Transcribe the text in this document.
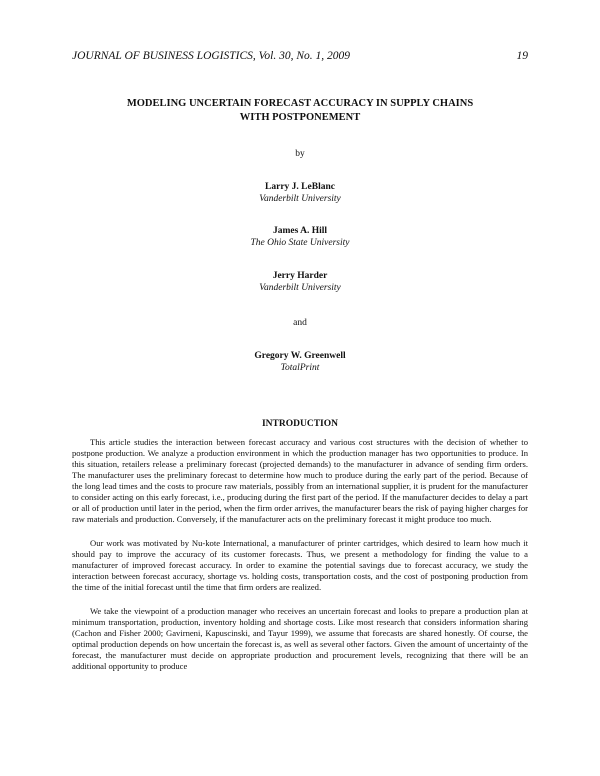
JOURNAL OF BUSINESS LOGISTICS, Vol. 30, No. 1, 2009	19
MODELING UNCERTAIN FORECAST ACCURACY IN SUPPLY CHAINS
WITH POSTPONEMENT
by
Larry J. LeBlanc
Vanderbilt University
James A. Hill
The Ohio State University
Jerry Harder
Vanderbilt University
and
Gregory W. Greenwell
TotalPrint
INTRODUCTION

This article studies the interaction between forecast accuracy and various cost structures with the decision of whether to postpone production. We analyze a production environment in which the production manager has two opportunities to produce. In this situation, retailers release a preliminary forecast (projected demands) to the manufacturer in advance of sending firm orders. The manufacturer uses the preliminary forecast to determine how much to produce during the early part of the period. Because of the long lead times and the costs to procure raw materials, possibly from an international supplier, it is prudent for the manufacturer to consider acting on this early forecast, i.e., producing during the first part of the period. If the manufacturer decides to delay a part or all of production until later in the period, when the firm order arrives, the manufacturer bears the risk of paying higher charges for raw materials and production. Conversely, if the manufacturer acts on the preliminary forecast it might produce too much.

Our work was motivated by Nu-kote International, a manufacturer of printer cartridges, which desired to learn how much it should pay to improve the accuracy of its customer forecasts. Thus, we present a methodology for finding the value to a manufacturer of improved forecast accuracy. In order to examine the potential savings due to forecast accuracy, we study the interaction between forecast accuracy, shortage vs. holding costs, transportation costs, and the cost of postponing production from the time of the initial forecast until the time that firm orders are realized.

We take the viewpoint of a production manager who receives an uncertain forecast and looks to prepare a production plan at minimum transportation, production, inventory holding and shortage costs. Like most research that considers information sharing (Cachon and Fisher 2000; Gavirneni, Kapuscinski, and Tayur 1999), we assume that forecasts are shared honestly. Of course, the optimal production depends on how uncertain the forecast is, as well as several other factors. Given the amount of uncertainty of the forecast, the manufacturer must decide on appropriate production and procurement levels, recognizing that there will be an additional opportunity to produce
